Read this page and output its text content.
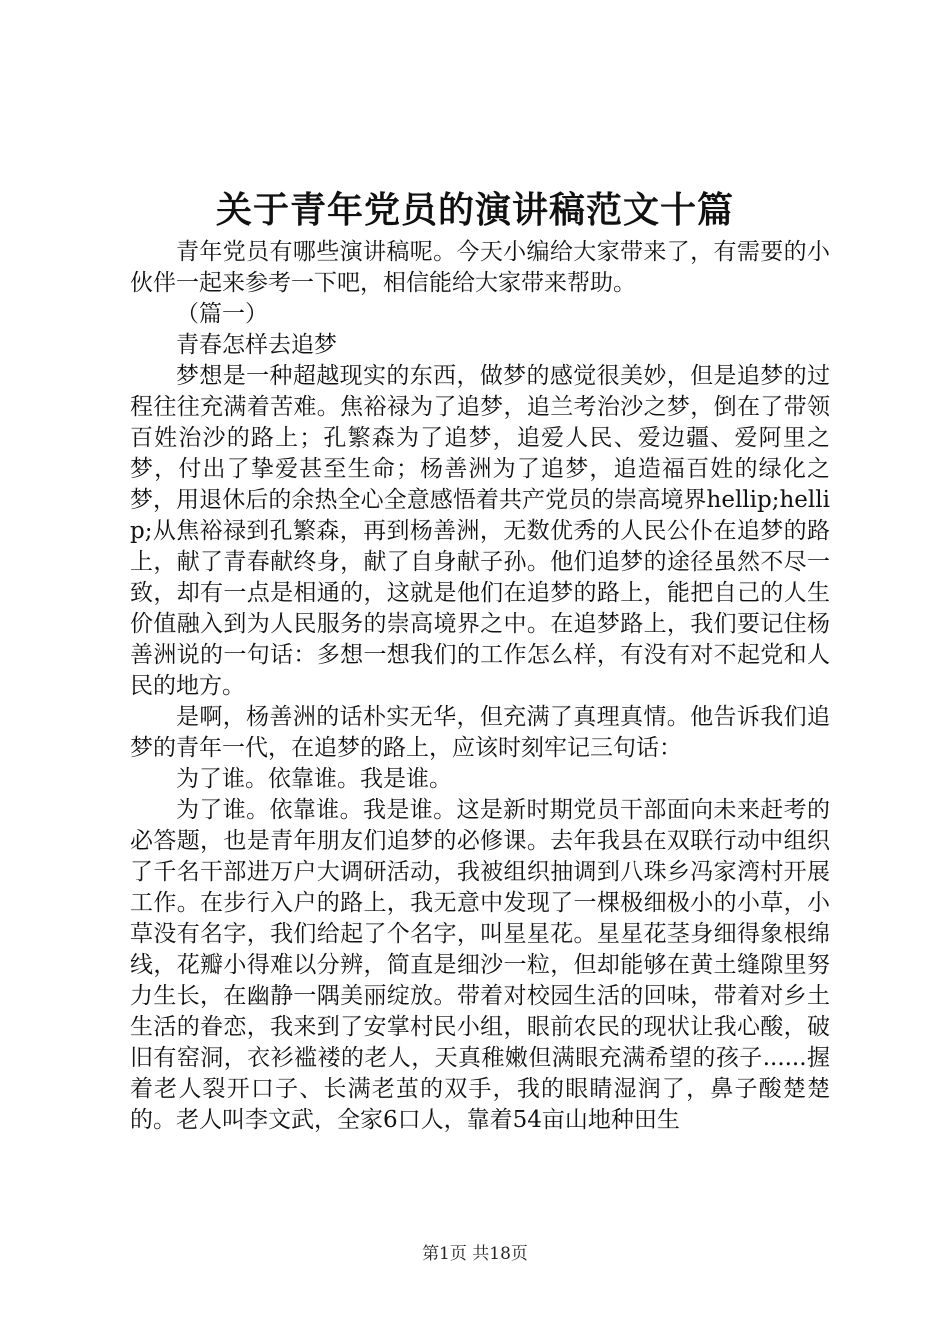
关于青年党员的演讲稿范文十篇

青年党员有哪些演讲稿呢。今天小编给大家带来了，有需要的小伙伴一起来参考一下吧，相信能给大家带来帮助。

（篇一）

青春怎样去追梦

梦想是一种超越现实的东西，做梦的感觉很美妙，但是追梦的过程往往充满着苦难。焦裕禄为了追梦，追兰考治沙之梦，倒在了带领百姓治沙的路上；孔繁森为了追梦，追爱人民、爱边疆、爱阿里之梦，付出了挚爱甚至生命；杨善洲为了追梦，追造福百姓的绿化之梦，用退休后的余热全心全意感悟着共产党员的崇高境界hellip;hellip;从焦裕禄到孔繁森，再到杨善洲，无数优秀的人民公仆在追梦的路上，献了青春献终身，献了自身献子孙。他们追梦的途径虽然不尽一致，却有一点是相通的，这就是他们在追梦的路上，能把自己的人生价值融入到为人民服务的崇高境界之中。在追梦路上，我们要记住杨善洲说的一句话：多想一想我们的工作怎么样，有没有对不起党和人民的地方。

是啊，杨善洲的话朴实无华，但充满了真理真情。他告诉我们追梦的青年一代，在追梦的路上，应该时刻牢记三句话：

为了谁。依靠谁。我是谁。

为了谁。依靠谁。我是谁。这是新时期党员干部面向未来赶考的必答题，也是青年朋友们追梦的必修课。去年我县在双联行动中组织了千名干部进万户大调研活动，我被组织抽调到八珠乡冯家湾村开展工作。在步行入户的路上，我无意中发现了一棵极细极小的小草，小草没有名字，我们给起了个名字，叫星星花。星星花茎身细得象根绵线，花瓣小得难以分辨，简直是细沙一粒，但却能够在黄土缝隙里努力生长，在幽静一隅美丽绽放。带着对校园生活的回味，带着对乡土生活的眷恋，我来到了安掌村民小组，眼前农民的现状让我心酸，破旧有窑洞，衣衫褴褛的老人，天真稚嫩但满眼充满希望的孩子......握着老人裂开口子、长满老茧的双手，我的眼睛湿润了，鼻子酸楚楚的。老人叫李文武，全家6口人，靠着54亩山地种田生

第1页 共18页
